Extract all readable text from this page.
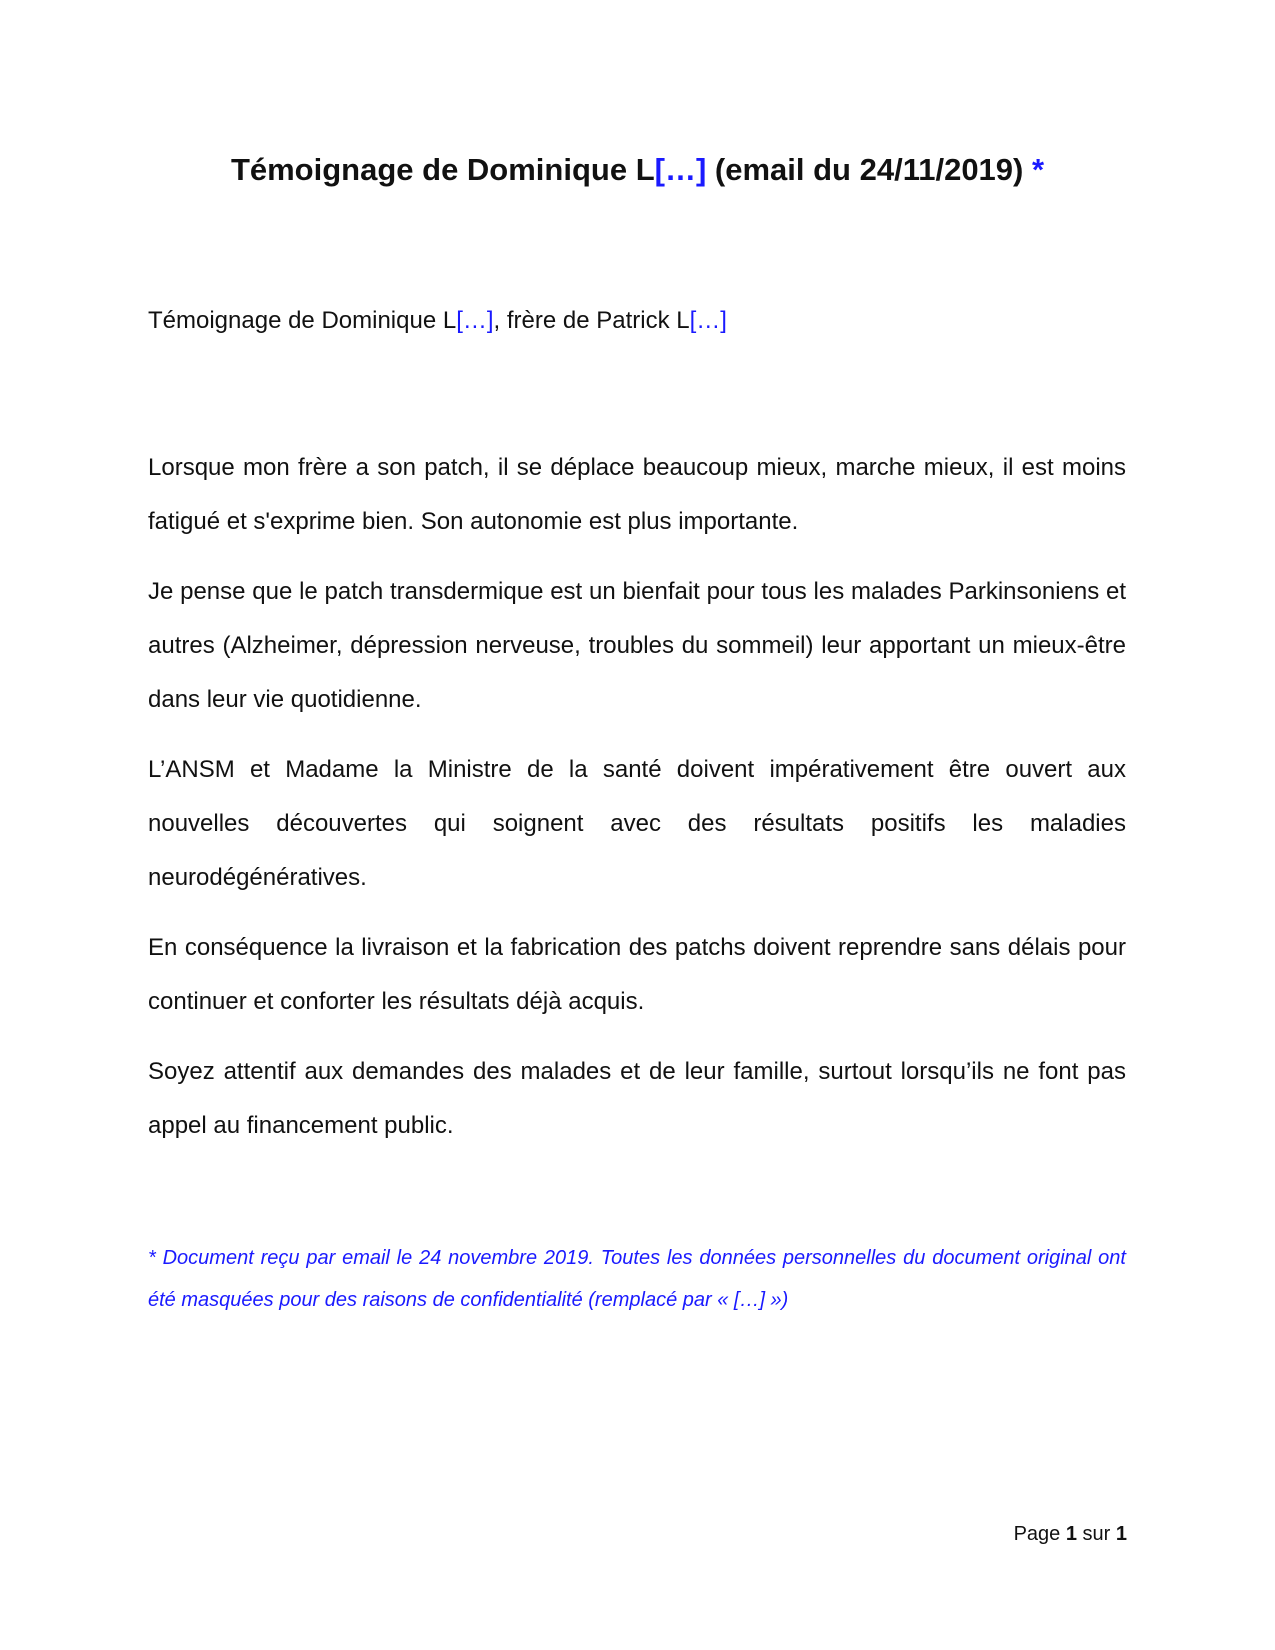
Témoignage de Dominique L[…] (email du 24/11/2019) *
Témoignage de Dominique L[…], frère de Patrick L[…]

Lorsque mon frère a son patch, il se déplace beaucoup mieux, marche mieux, il est moins fatigué et s'exprime bien. Son autonomie est plus importante.

Je pense que le patch transdermique est un bienfait pour tous les malades Parkinsoniens et autres (Alzheimer, dépression nerveuse, troubles du sommeil) leur apportant un mieux-être dans leur vie quotidienne.

L’ANSM et Madame la Ministre de la santé doivent impérativement être ouvert aux nouvelles découvertes qui soignent avec des résultats positifs les maladies neurodégénératives.

En conséquence la livraison et la fabrication des patchs doivent reprendre sans délais pour continuer et conforter les résultats déjà acquis.

Soyez attentif aux demandes des malades et de leur famille, surtout lorsqu’ils ne font pas appel au financement public.

* Document reçu par email le 24 novembre 2019. Toutes les données personnelles du document original ont été masquées pour des raisons de confidentialité (remplacé par « […] »)
Page 1 sur 1
